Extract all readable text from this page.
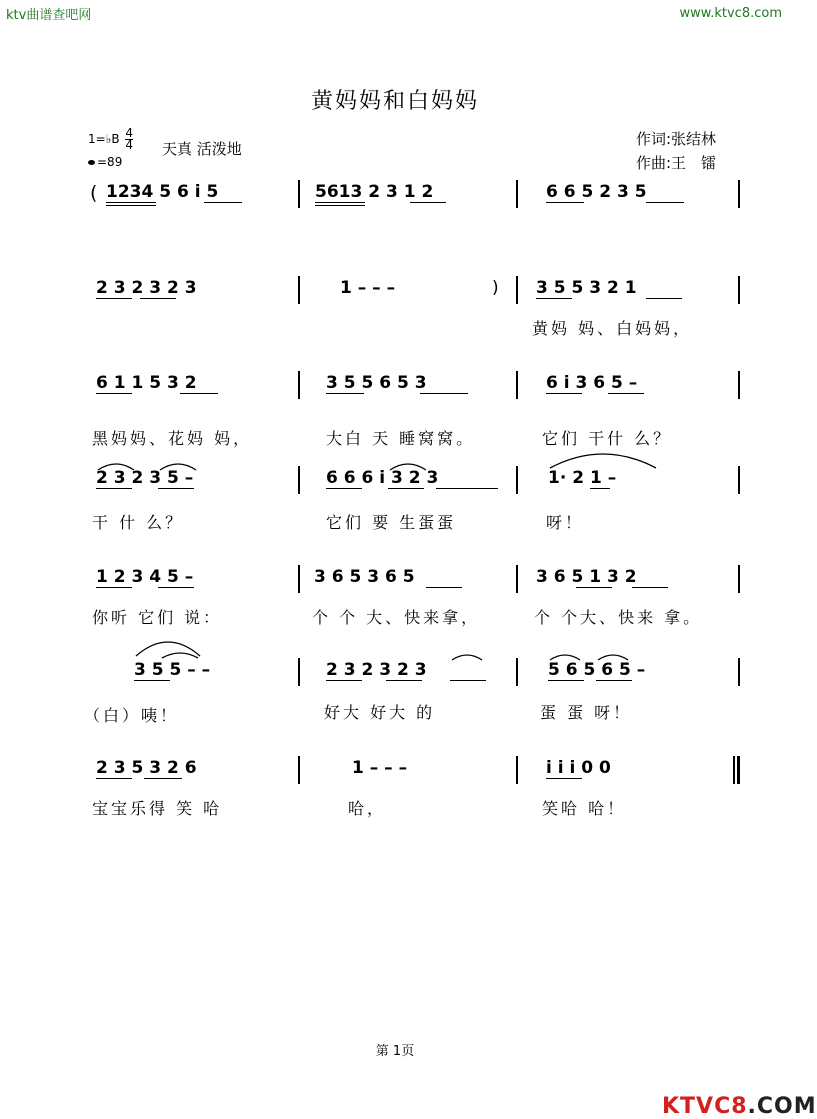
ktv曲谱查吧网	www.ktvc8.com
黄妈妈和白妈妈
1=♭B $\frac{4}{4}$
=89
天真 活泼地
作词:张结林
作曲:王　镭
( 1234 5 6 i 5	5613 2 3 1 2	6 6 5 2 3 5
2 3 2 3 2 3	1 – – –	) 3 5 5 3 2 1
黄妈 妈、白妈妈，
6 1 1 5 3 2	3 5 5 6 5 3	6 i 3 6 5 –
黑妈妈、花妈 妈，	大白 天 睡窝窝。	它们 干什 么？
2 3 2 3 5 –	6 6 6 i 3 2 3	1· 2 1 –
干 什 么？	它们 要 生蛋蛋	呀！
1 2 3 4 5 –	3 6 5 3 6 5	3 6 5 1 3 2
你听 它们 说：	个 个 大、快来拿，	个 个大、快来 拿。
3 5 5 – –	2 3 2 3 2 3	5 6 5 6 5 –
（白）咦！	好大 好大 的	蛋 蛋 呀！
2 3 5 3 2 6	1 – – –	i i i 0 0
宝宝乐得 笑 哈	哈，	笑哈 哈！
第 1页
KTVC8.COM
